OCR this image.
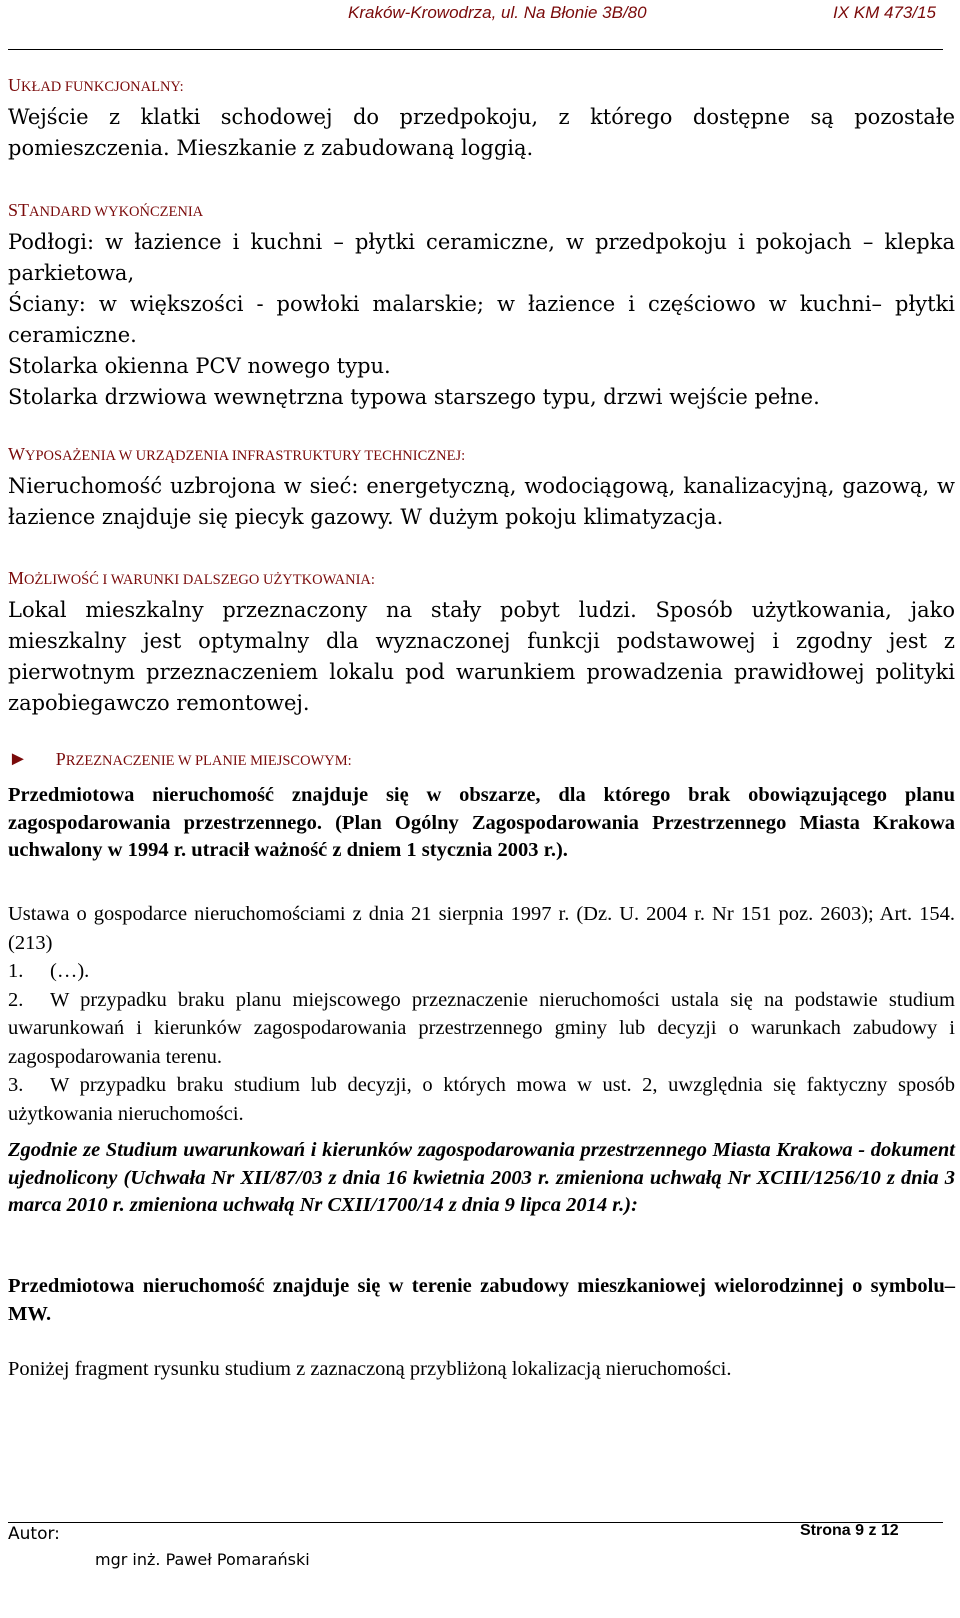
Kraków-Krowodrza, ul. Na Błonie 3B/80	IX KM 473/15
UKŁAD FUNKCJONALNY:

Wejście z klatki schodowej do przedpokoju, z którego dostępne są pozostałe pomieszczenia. Mieszkanie z zabudowaną loggią.

STANDARD WYKOŃCZENIA

Podłogi: w łazience i kuchni – płytki ceramiczne, w przedpokoju i pokojach – klepka parkietowa,

Ściany: w większości - powłoki malarskie; w łazience i częściowo w kuchni– płytki ceramiczne.

Stolarka okienna PCV nowego typu.

Stolarka drzwiowa wewnętrzna typowa starszego typu, drzwi wejście pełne.

WYPOSAŻENIA W URZĄDZENIA INFRASTRUKTURY TECHNICZNEJ:

Nieruchomość uzbrojona w sieć: energetyczną, wodociągową, kanalizacyjną, gazową, w łazience znajduje się piecyk gazowy. W dużym pokoju klimatyzacja.

MOŻLIWOŚĆ I WARUNKI DALSZEGO UŻYTKOWANIA:

Lokal mieszkalny przeznaczony na stały pobyt ludzi. Sposób użytkowania, jako mieszkalny jest optymalny dla wyznaczonej funkcji podstawowej i zgodny jest z pierwotnym przeznaczeniem lokalu pod warunkiem prowadzenia prawidłowej polityki zapobiegawczo remontowej.

► PRZEZNACZENIE W PLANIE MIEJSCOWYM:

Przedmiotowa nieruchomość znajduje się w obszarze, dla którego brak obowiązującego planu zagospodarowania przestrzennego. (Plan Ogólny Zagospodarowania Przestrzennego Miasta Krakowa uchwalony w 1994 r. utracił ważność z dniem 1 stycznia 2003 r.).

Ustawa o gospodarce nieruchomościami z dnia 21 sierpnia 1997 r. (Dz. U. 2004 r. Nr 151 poz. 2603); Art. 154. (213)

1. (…).

2. W przypadku braku planu miejscowego przeznaczenie nieruchomości ustala się na podstawie studium uwarunkowań i kierunków zagospodarowania przestrzennego gminy lub decyzji o warunkach zabudowy i zagospodarowania terenu.

3. W przypadku braku studium lub decyzji, o których mowa w ust. 2, uwzględnia się faktyczny sposób użytkowania nieruchomości.

Zgodnie ze Studium uwarunkowań i kierunków zagospodarowania przestrzennego Miasta Krakowa - dokument ujednolicony (Uchwała Nr XII/87/03 z dnia 16 kwietnia 2003 r. zmieniona uchwałą Nr XCIII/1256/10 z dnia 3 marca 2010 r. zmieniona uchwałą Nr CXII/1700/14 z dnia 9 lipca 2014 r.):

Przedmiotowa nieruchomość znajduje się w terenie zabudowy mieszkaniowej wielorodzinnej o symbolu– MW.

Poniżej fragment rysunku studium z zaznaczoną przybliżoną lokalizacją nieruchomości.

Autor:	Strona 9 z 12
mgr inż. Paweł Pomarański
